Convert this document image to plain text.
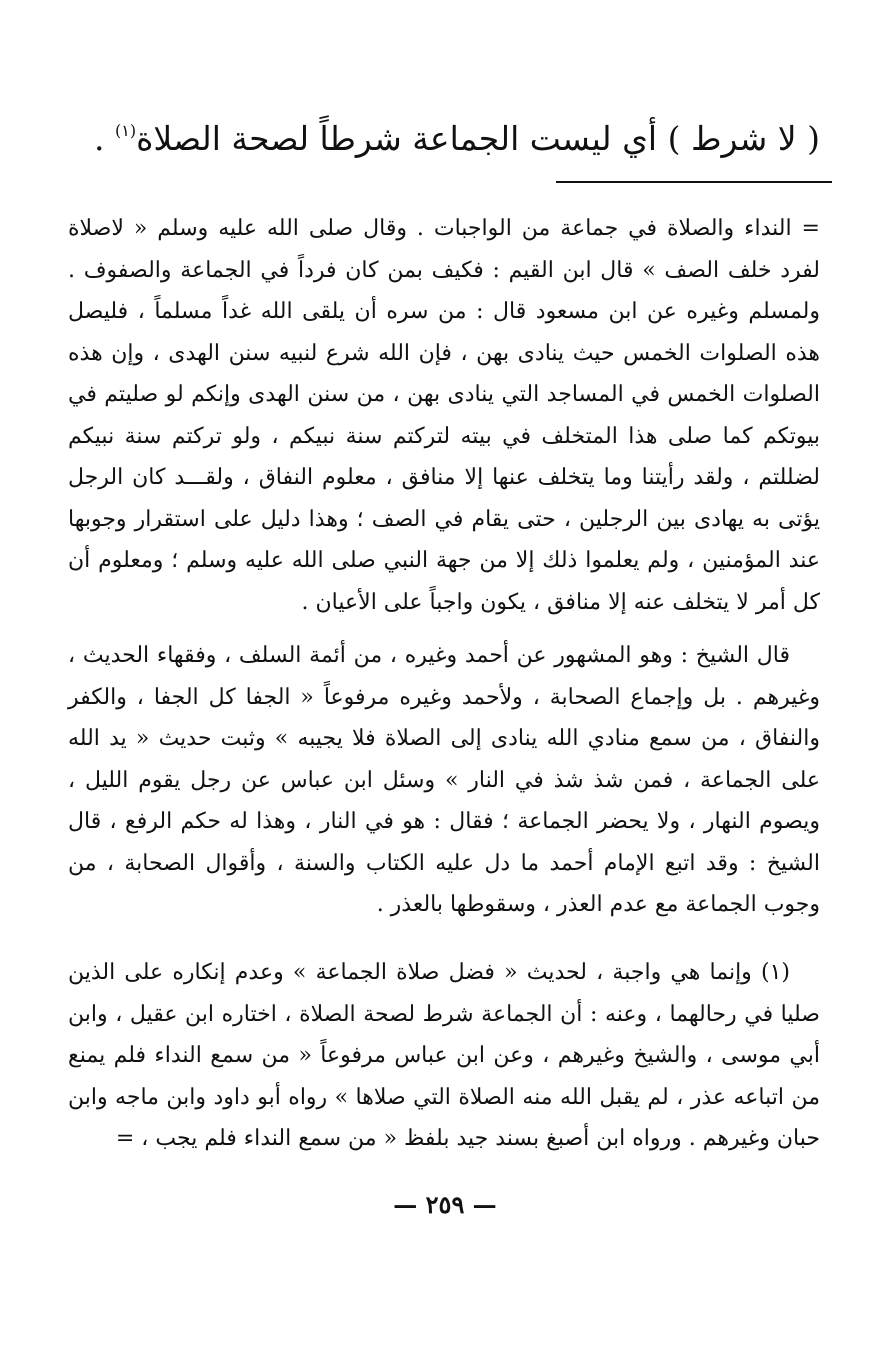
( لا شرط ) أي ليست الجماعة شرطاً لصحة الصلاة$^{(١)}$ .

= النداء والصلاة في جماعة من الواجبات . وقال صلى الله عليه وسلم « لاصلاة لفرد خلف الصف » قال ابن القيم : فكيف بمن كان فرداً في الجماعة والصفوف . ولمسلم وغيره عن ابن مسعود قال : من سره أن يلقى الله غداً مسلماً ، فليصل هذه الصلوات الخمس حيث ينادى بهن ، فإن الله شرع لنبيه سنن الهدى ، وإن هذه الصلوات الخمس في المساجد التي ينادى بهن ، من سنن الهدى وإنكم لو صليتم في بيوتكم كما صلى هذا المتخلف في بيته لتركتم سنة نبيكم ، ولو تركتم سنة نبيكم لضللتم ، ولقد رأيتنا وما يتخلف عنها إلا منافق ، معلوم النفاق ، ولقـــد كان الرجل يؤتى به يهادى بين الرجلين ، حتى يقام في الصف ؛ وهذا دليل على استقرار وجوبها عند المؤمنين ، ولم يعلموا ذلك إلا من جهة النبي صلى الله عليه وسلم ؛ ومعلوم أن كل أمر لا يتخلف عنه إلا منافق ، يكون واجباً على الأعيان .

قال الشيخ : وهو المشهور عن أحمد وغيره ، من أئمة السلف ، وفقهاء الحديث ، وغيرهم . بل وإجماع الصحابة ، ولأحمد وغيره مرفوعاً « الجفا كل الجفا ، والكفر والنفاق ، من سمع منادي الله ينادى إلى الصلاة فلا يجيبه » وثبت حديث « يد الله على الجماعة ، فمن شذ شذ في النار » وسئل ابن عباس عن رجل يقوم الليل ، ويصوم النهار ، ولا يحضر الجماعة ؛ فقال : هو في النار ، وهذا له حكم الرفع ، قال الشيخ : وقد اتبع الإمام أحمد ما دل عليه الكتاب والسنة ، وأقوال الصحابة ، من وجوب الجماعة مع عدم العذر ، وسقوطها بالعذر .

(١) وإنما هي واجبة ، لحديث « فضل صلاة الجماعة » وعدم إنكاره على الذين صليا في رحالهما ، وعنه : أن الجماعة شرط لصحة الصلاة ، اختاره ابن عقيل ، وابن أبي موسى ، والشيخ وغيرهم ، وعن ابن عباس مرفوعاً « من سمع النداء فلم يمنع من اتباعه عذر ، لم يقبل الله منه الصلاة التي صلاها » رواه أبو داود وابن ماجه وابن حبان وغيرهم . ورواه ابن أصبغ بسند جيد بلفظ « من سمع النداء فلم يجب ، =

— ٢٥٩ —
